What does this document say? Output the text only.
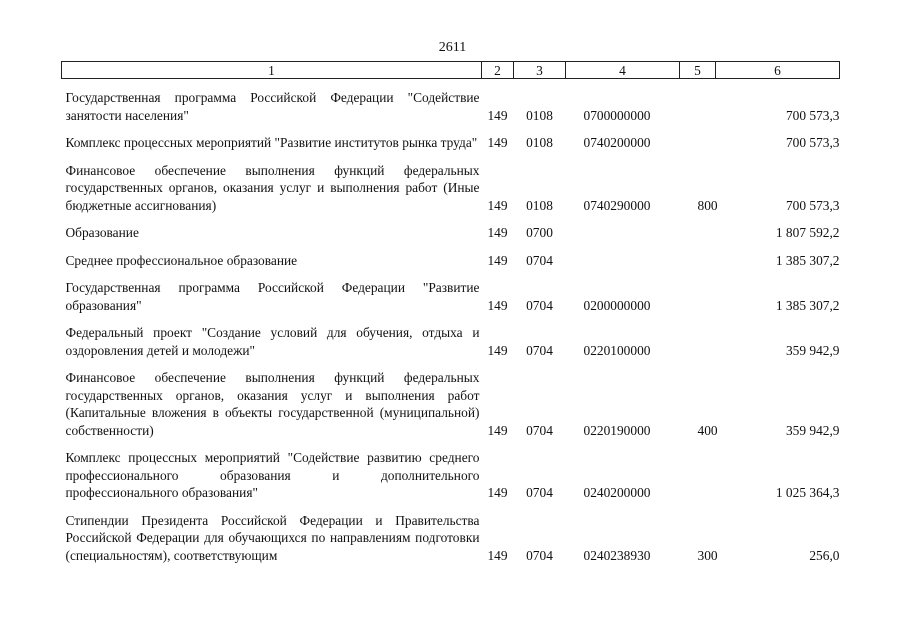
2611
1	2	3	4	5	6
Государственная программа Российской Федерации "Содействие занятости населения"	149	0108	0700000000		700 573,3
Комплекс процессных мероприятий "Развитие институтов рынка труда"	149	0108	0740200000		700 573,3
Финансовое обеспечение выполнения функций федеральных государственных органов, оказания услуг и выполнения работ (Иные бюджетные ассигнования)	149	0108	0740290000	800	700 573,3
Образование	149	0700			1 807 592,2
Среднее профессиональное образование	149	0704			1 385 307,2
Государственная программа Российской Федерации "Развитие образования"	149	0704	0200000000		1 385 307,2
Федеральный проект "Создание условий для обучения, отдыха и оздоровления детей и молодежи"	149	0704	0220100000		359 942,9
Финансовое обеспечение выполнения функций федеральных государственных органов, оказания услуг и выполнения работ (Капитальные вложения в объекты государственной (муниципальной) собственности)	149	0704	0220190000	400	359 942,9
Комплекс процессных мероприятий "Содействие развитию среднего профессионального образования и дополнительного профессионального образования"	149	0704	0240200000		1 025 364,3
Стипендии Президента Российской Федерации и Правительства Российской Федерации для обучающихся по направлениям подготовки (специальностям), соответствующим	149	0704	0240238930	300	256,0
